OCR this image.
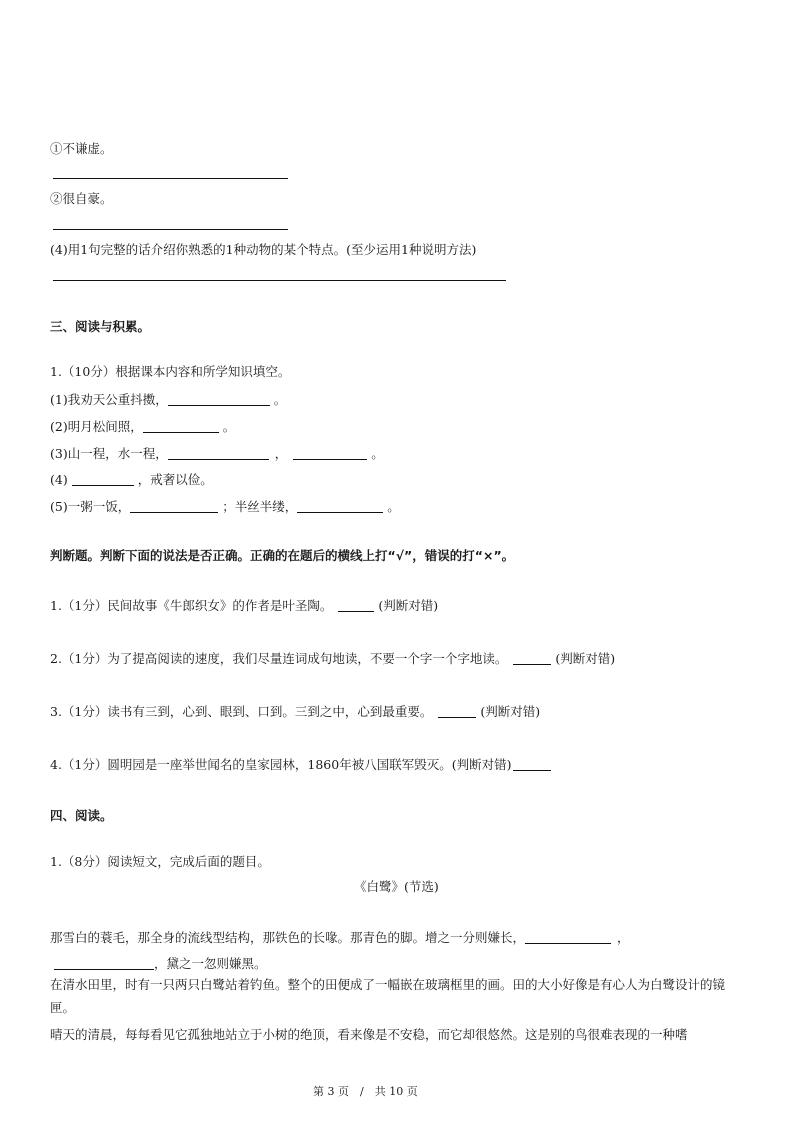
①不谦虚。
②很自豪。
(4)用1句完整的话介绍你熟悉的1种动物的某个特点。(至少运用1种说明方法)
三、阅读与积累。
1.（10分）根据课本内容和所学知识填空。
(1)我劝天公重抖擞，	。
(2)明月松间照，	。
(3)山一程，水一程，	，	。
(4)	，戒奢以俭。
(5)一粥一饭，	；半丝半缕，	。
判断题。判断下面的说法是否正确。正确的在题后的横线上打“√”，错误的打“×”。
1.（1分）民间故事《牛郎织女》的作者是叶圣陶。	(判断对错)
2.（1分）为了提高阅读的速度，我们尽量连词成句地读，不要一个字一个字地读。	(判断对错)
3.（1分）读书有三到，心到、眼到、口到。三到之中，心到最重要。	(判断对错)
4.（1分）圆明园是一座举世闻名的皇家园林，1860年被八国联军毁灭。(判断对错)
四、阅读。
1.（8分）阅读短文，完成后面的题目。
《白鹭》(节选)
那雪白的蓑毛，那全身的流线型结构，那铁色的长喙。那青色的脚。增之一分则嫌长，	，
，黛之一忽则嫌黑。
在清水田里，时有一只两只白鹭站着钓鱼。整个的田便成了一幅嵌在玻璃框里的画。田的大小好像是有心人为白鹭设计的镜匣。
晴天的清晨，每每看见它孤独地站立于小树的绝顶，看来像是不安稳，而它却很悠然。这是别的鸟很难表现的一种嗜
第 3 页　/　共 10 页
